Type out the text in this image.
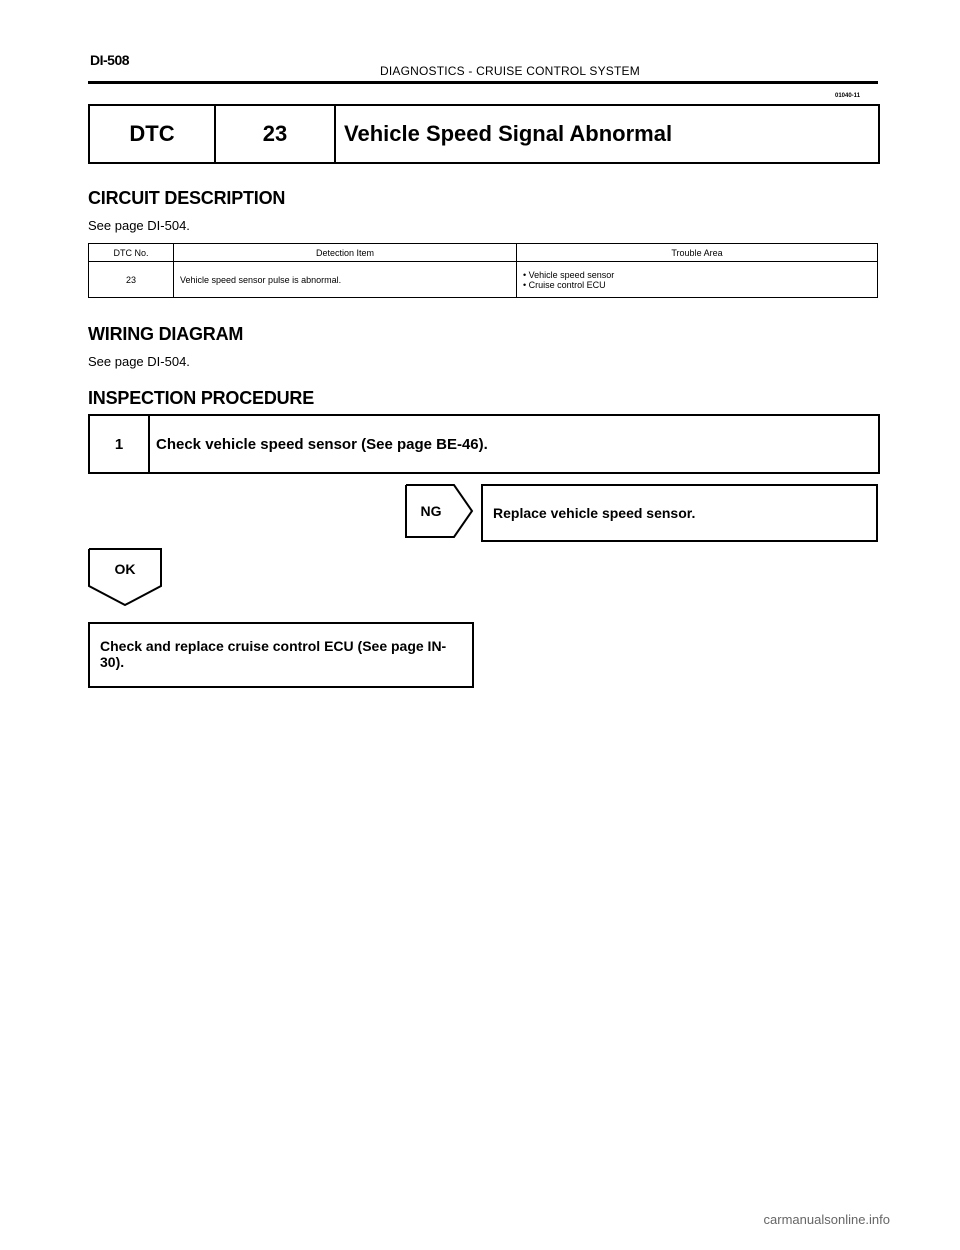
DI-508
DIAGNOSTICS - CRUISE CONTROL SYSTEM
01040-11
DTC	23	Vehicle Speed Signal Abnormal
CIRCUIT DESCRIPTION
See page DI-504.
DTC No.	Detection Item	Trouble Area
23	Vehicle speed sensor pulse is abnormal.	• Vehicle speed sensor
• Cruise control ECU
WIRING DIAGRAM
See page DI-504.
INSPECTION PROCEDURE
1	Check vehicle speed sensor (See page BE-46).
NG	Replace vehicle speed sensor.
OK
Check and replace cruise control ECU (See page IN-30).
carmanualsonline.info
